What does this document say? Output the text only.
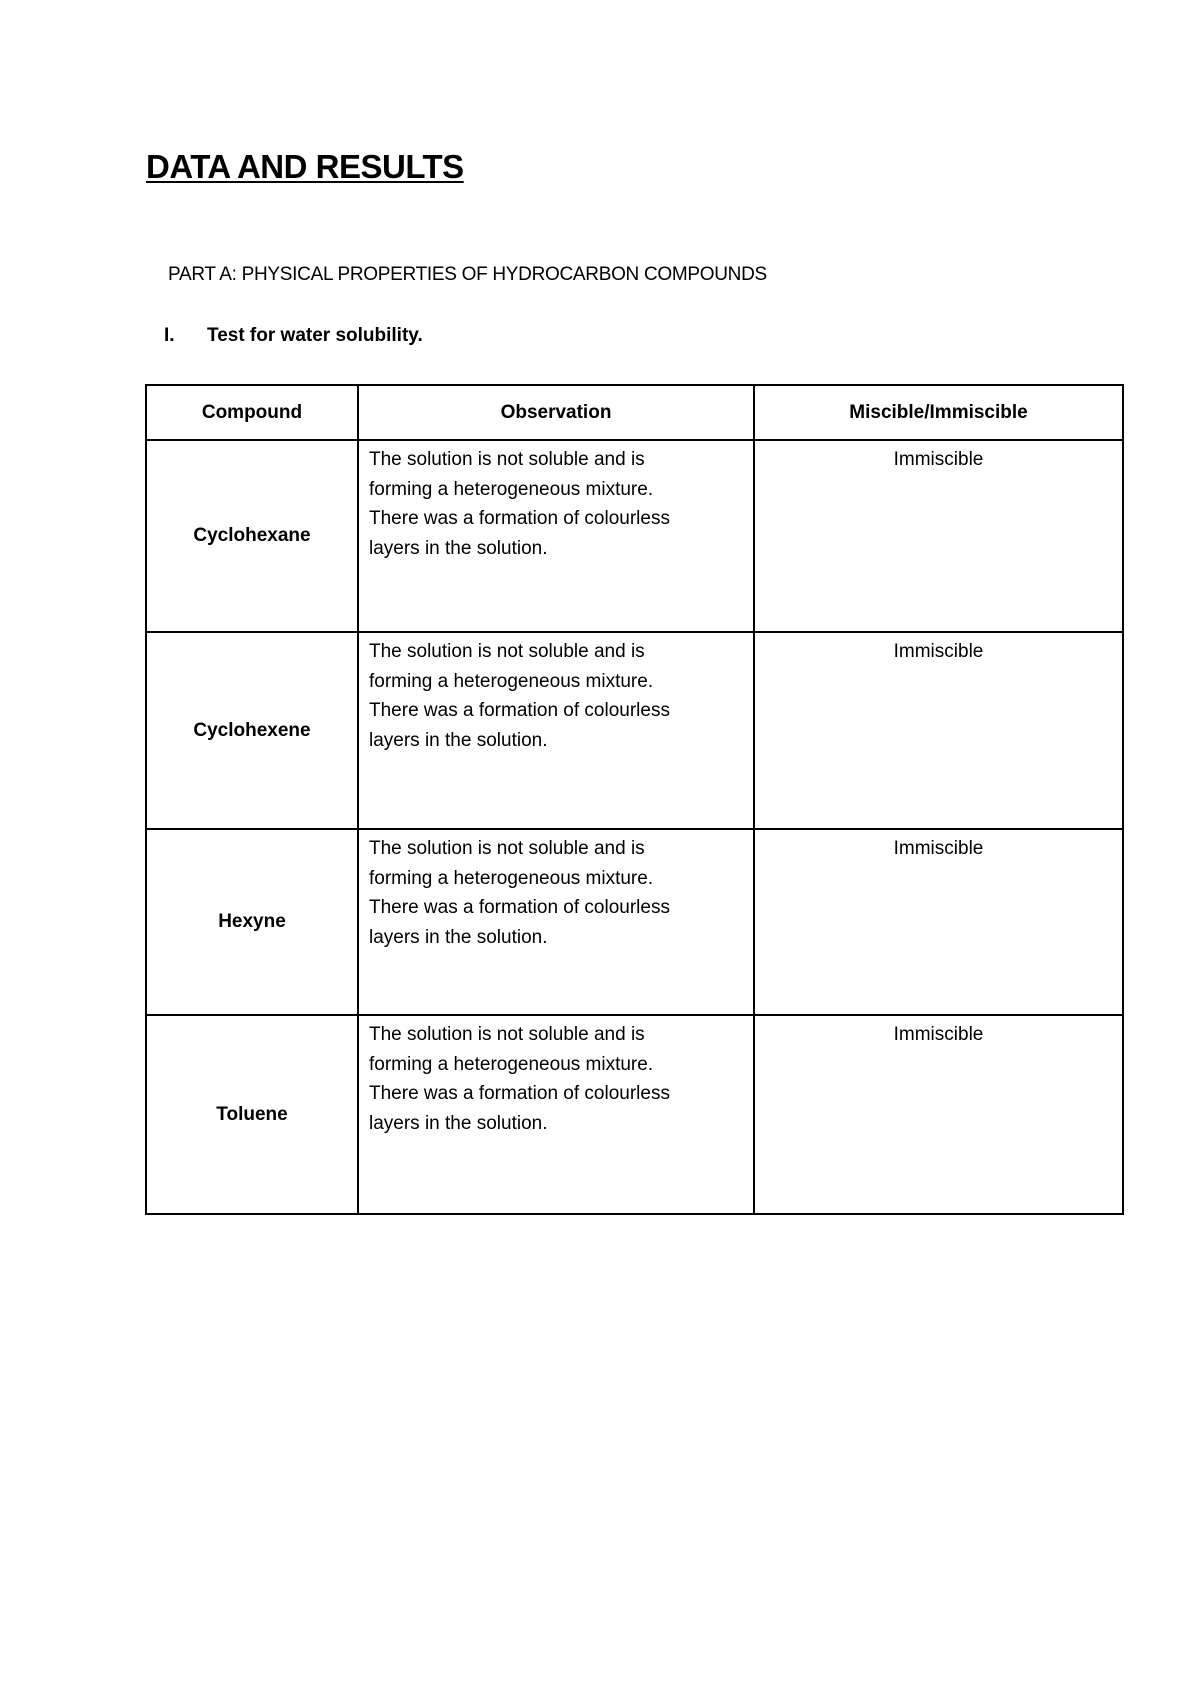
DATA AND RESULTS
PART A: PHYSICAL PROPERTIES OF HYDROCARBON COMPOUNDS
I. Test for water solubility.
Compound	Observation	Miscible/Immiscible
Cyclohexane	The solution is not soluble and is
forming a heterogeneous mixture.
There was a formation of colourless
layers in the solution.	Immiscible
Cyclohexene	The solution is not soluble and is
forming a heterogeneous mixture.
There was a formation of colourless
layers in the solution.	Immiscible
Hexyne	The solution is not soluble and is
forming a heterogeneous mixture.
There was a formation of colourless
layers in the solution.	Immiscible
Toluene	The solution is not soluble and is
forming a heterogeneous mixture.
There was a formation of colourless
layers in the solution.	Immiscible
